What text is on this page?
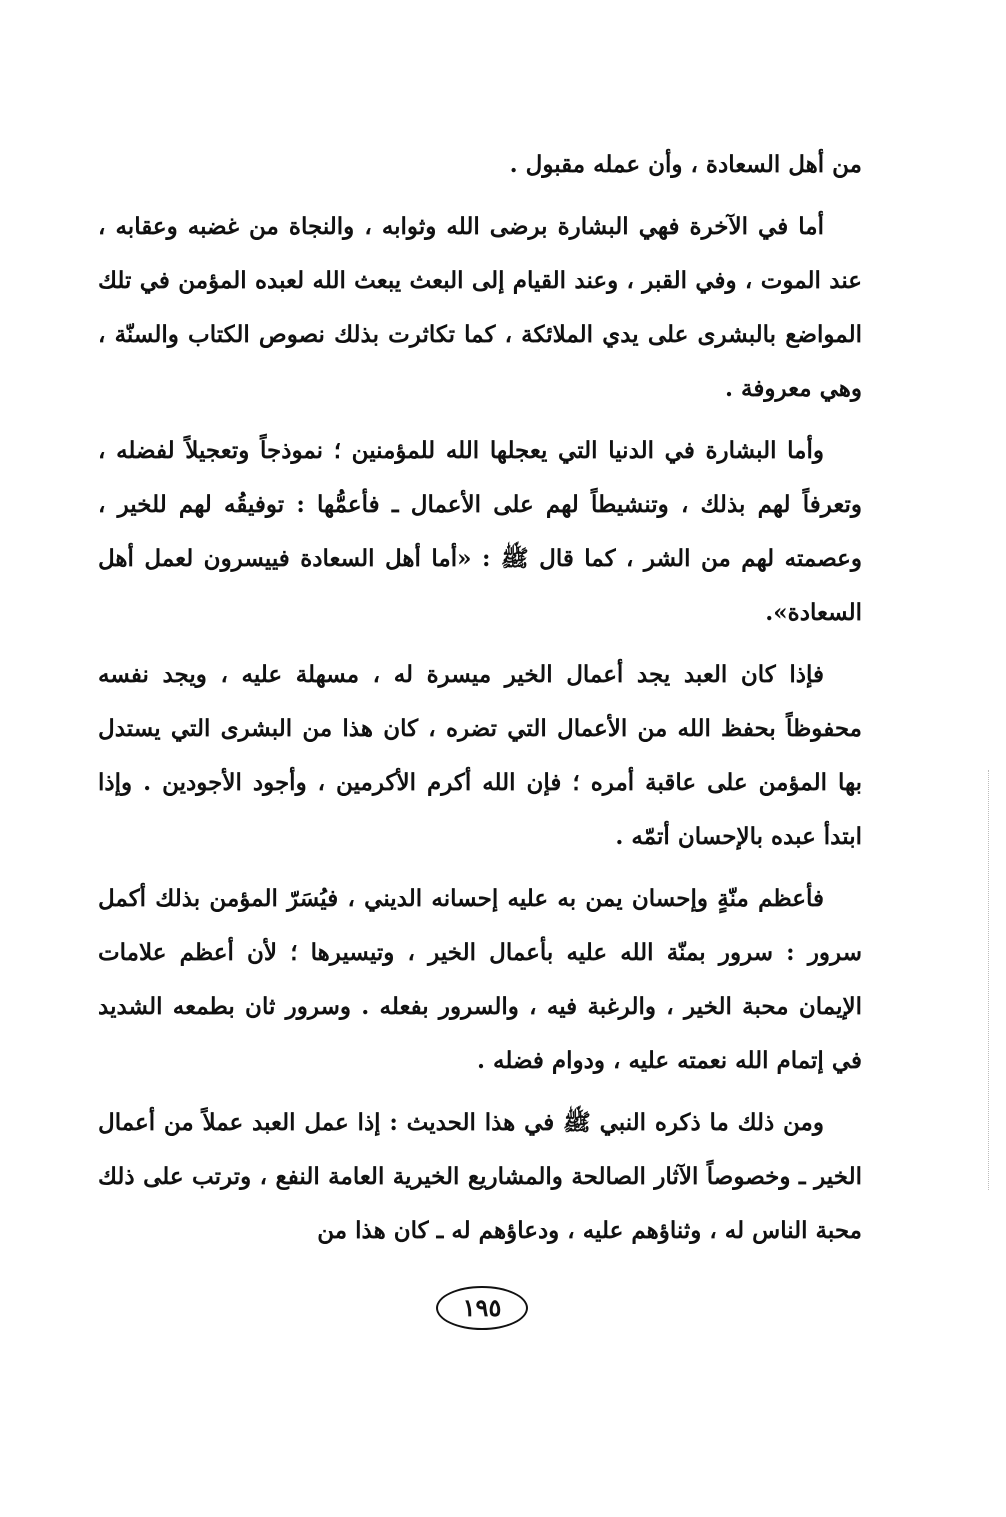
من أهل السعادة ، وأن عمله مقبول .

أما في الآخرة فهي البشارة برضى الله وثوابه ، والنجاة من غضبه وعقابه ، عند الموت ، وفي القبر ، وعند القيام إلى البعث يبعث الله لعبده المؤمن في تلك المواضع بالبشرى على يدي الملائكة ، كما تكاثرت بذلك نصوص الكتاب والسنّة ، وهي معروفة .

وأما البشارة في الدنيا التي يعجلها الله للمؤمنين ؛ نموذجاً وتعجيلاً لفضله ، وتعرفاً لهم بذلك ، وتنشيطاً لهم على الأعمال ـ فأعمُّها : توفيقُه لهم للخير ، وعصمته لهم من الشر ، كما قال ﷺ : «أما أهل السعادة فييسرون لعمل أهل السعادة».

فإذا كان العبد يجد أعمال الخير ميسرة له ، مسهلة عليه ، ويجد نفسه محفوظاً بحفظ الله من الأعمال التي تضره ، كان هذا من البشرى التي يستدل بها المؤمن على عاقبة أمره ؛ فإن الله أكرم الأكرمين ، وأجود الأجودين . وإذا ابتدأ عبده بالإحسان أتمّه .

فأعظم منّةٍ وإحسان يمن به عليه إحسانه الديني ، فيُسَرّ المؤمن بذلك أكمل سرور : سرور بمنّة الله عليه بأعمال الخير ، وتيسيرها ؛ لأن أعظم علامات الإيمان محبة الخير ، والرغبة فيه ، والسرور بفعله . وسرور ثان بطمعه الشديد في إتمام الله نعمته عليه ، ودوام فضله .

ومن ذلك ما ذكره النبي ﷺ في هذا الحديث : إذا عمل العبد عملاً من أعمال الخير ـ وخصوصاً الآثار الصالحة والمشاريع الخيرية العامة النفع ، وترتب على ذلك محبة الناس له ، وثناؤهم عليه ، ودعاؤهم له ـ كان هذا من

١٩٥
